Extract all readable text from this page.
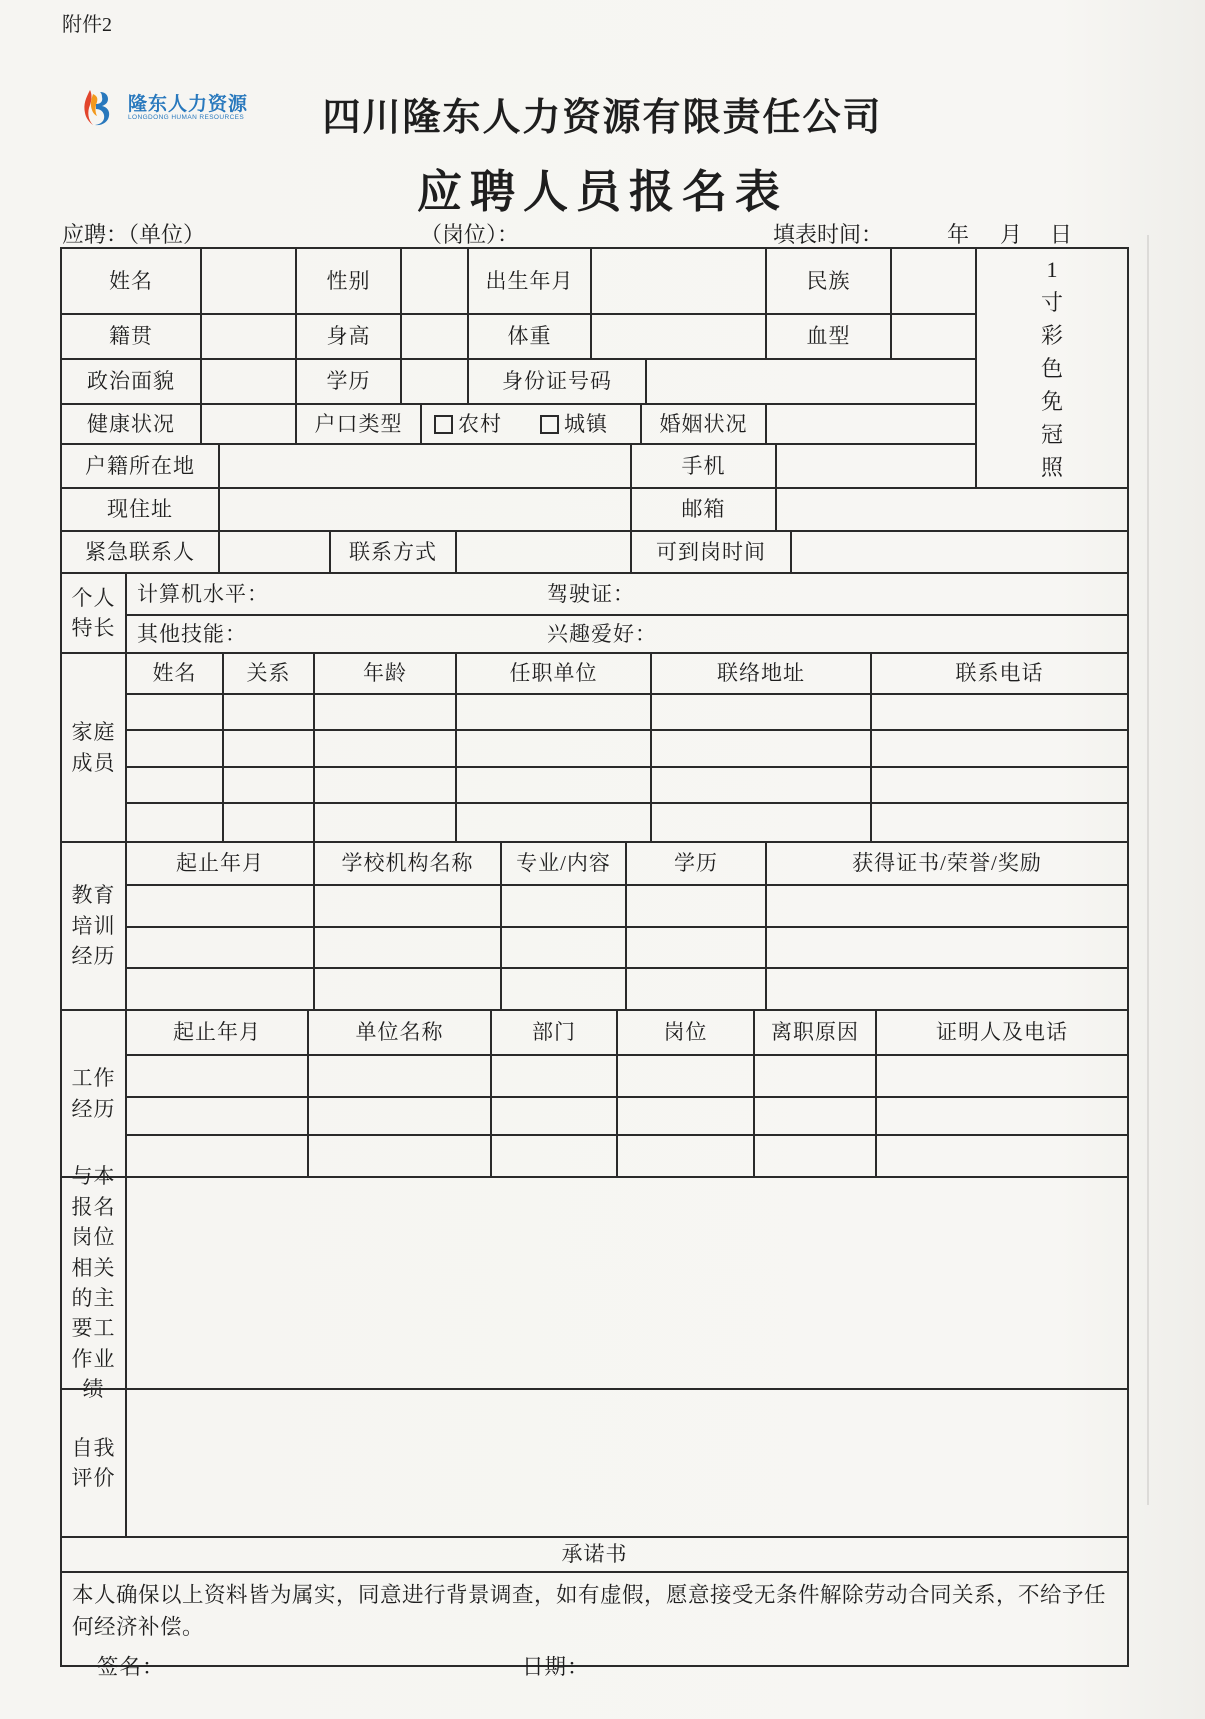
附件2
隆东人力资源
LONGDONG HUMAN RESOURCES	四川隆东人力资源有限责任公司
应聘人员报名表
应聘：（单位）	（岗位）：	填表时间：	年 月 日
1寸彩色免冠照
姓名	性别	出生年月	民族
籍贯	身高	体重	血型
政治面貌	学历	身份证号码
健康状况	户口类型	农村	城镇	婚姻状况
户籍所在地	手机
现住址	邮箱
紧急联系人	联系方式	可到岗时间
个人特长
计算机水平：	驾驶证：
其他技能：	兴趣爱好：
家庭成员
姓名	关系	年龄	任职单位	联络地址	联系电话
教育培训经历
起止年月	学校机构名称	专业/内容	学历	获得证书/荣誉/奖励
工作经历
起止年月	单位名称	部门	岗位	离职原因	证明人及电话
与本报名岗位相关的主要工作业绩
自我评价
承诺书
本人确保以上资料皆为属实，同意进行背景调查，如有虚假，愿意接受无条件解除劳动合同关系，不给予任何经济补偿。
签名：	日期：
